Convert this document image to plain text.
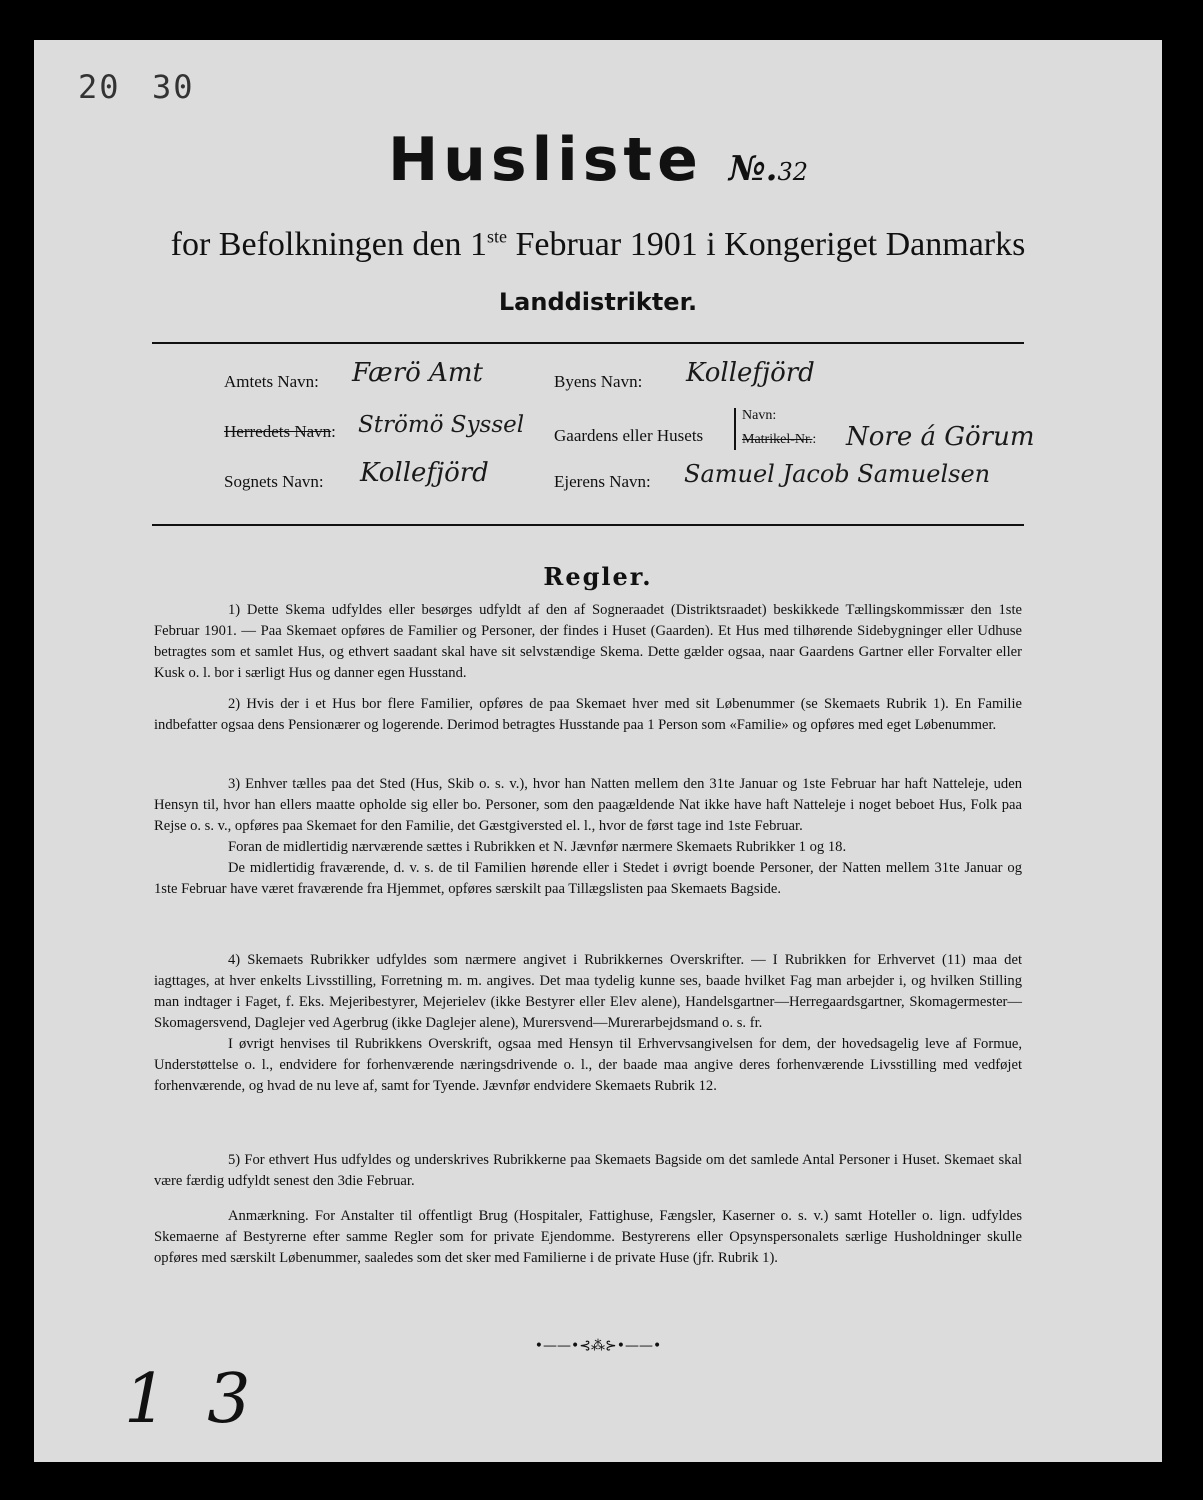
20 30
Husliste №.32
for Befolkningen den 1ste Februar 1901 i Kongeriget Danmarks
Landdistrikter.
Amtets Navn: Færö Amt
Herredets Navn: Strömö Syssel
Sognets Navn: Kollefjörd
Byens Navn: Kollefjörd
Gaardens eller Husets
Navn:
Matrikel-Nr.: Nore á Görum
Ejerens Navn: Samuel Jacob Samuelsen
Regler.

1) Dette Skema udfyldes eller besørges udfyldt af den af Sogneraadet (Distriktsraadet) beskikkede Tællingskommissær den 1ste Februar 1901. — Paa Skemaet opføres de Familier og Personer, der findes i Huset (Gaarden). Et Hus med tilhørende Sidebygninger eller Udhuse betragtes som et samlet Hus, og ethvert saadant skal have sit selvstændige Skema. Dette gælder ogsaa, naar Gaardens Gartner eller Forvalter eller Kusk o. l. bor i særligt Hus og danner egen Husstand.

2) Hvis der i et Hus bor flere Familier, opføres de paa Skemaet hver med sit Løbenummer (se Skemaets Rubrik 1). En Familie indbefatter ogsaa dens Pensionærer og logerende. Derimod betragtes Husstande paa 1 Person som «Familie» og opføres med eget Løbenummer.

3) Enhver tælles paa det Sted (Hus, Skib o. s. v.), hvor han Natten mellem den 31te Januar og 1ste Februar har haft Natteleje, uden Hensyn til, hvor han ellers maatte opholde sig eller bo. Personer, som den paagældende Nat ikke have haft Natteleje i noget beboet Hus, Folk paa Rejse o. s. v., opføres paa Skemaet for den Familie, det Gæstgiversted el. l., hvor de først tage ind 1ste Februar.

Foran de midlertidig nærværende sættes i Rubrikken et N. Jævnfør nærmere Skemaets Rubrikker 1 og 18.

De midlertidig fraværende, d. v. s. de til Familien hørende eller i Stedet i øvrigt boende Personer, der Natten mellem 31te Januar og 1ste Februar have været fraværende fra Hjemmet, opføres særskilt paa Tillægslisten paa Skemaets Bagside.

4) Skemaets Rubrikker udfyldes som nærmere angivet i Rubrikkernes Overskrifter. — I Rubrikken for Erhvervet (11) maa det iagttages, at hver enkelts Livsstilling, Forretning m. m. angives. Det maa tydelig kunne ses, baade hvilket Fag man arbejder i, og hvilken Stilling man indtager i Faget, f. Eks. Mejeribestyrer, Mejerielev (ikke Bestyrer eller Elev alene), Handelsgartner—Herregaardsgartner, Skomagermester—Skomagersvend, Daglejer ved Agerbrug (ikke Daglejer alene), Murersvend—Murerarbejdsmand o. s. fr.

I øvrigt henvises til Rubrikkens Overskrift, ogsaa med Hensyn til Erhvervsangivelsen for dem, der hovedsagelig leve af Formue, Understøttelse o. l., endvidere for forhenværende næringsdrivende o. l., der baade maa angive deres forhenværende Livsstilling med vedføjet forhenværende, og hvad de nu leve af, samt for Tyende. Jævnfør endvidere Skemaets Rubrik 12.

5) For ethvert Hus udfyldes og underskrives Rubrikkerne paa Skemaets Bagside om det samlede Antal Personer i Huset. Skemaet skal være færdig udfyldt senest den 3die Februar.

Anmærkning. For Anstalter til offentligt Brug (Hospitaler, Fattighuse, Fængsler, Kaserner o. s. v.) samt Hoteller o. lign. udfyldes Skemaerne af Bestyrerne efter samme Regler som for private Ejendomme. Bestyrerens eller Opsynspersonalets særlige Husholdninger skulle opføres med særskilt Løbenummer, saaledes som det sker med Familierne i de private Huse (jfr. Rubrik 1).

•——•⊰⁂⊱•——•
13
